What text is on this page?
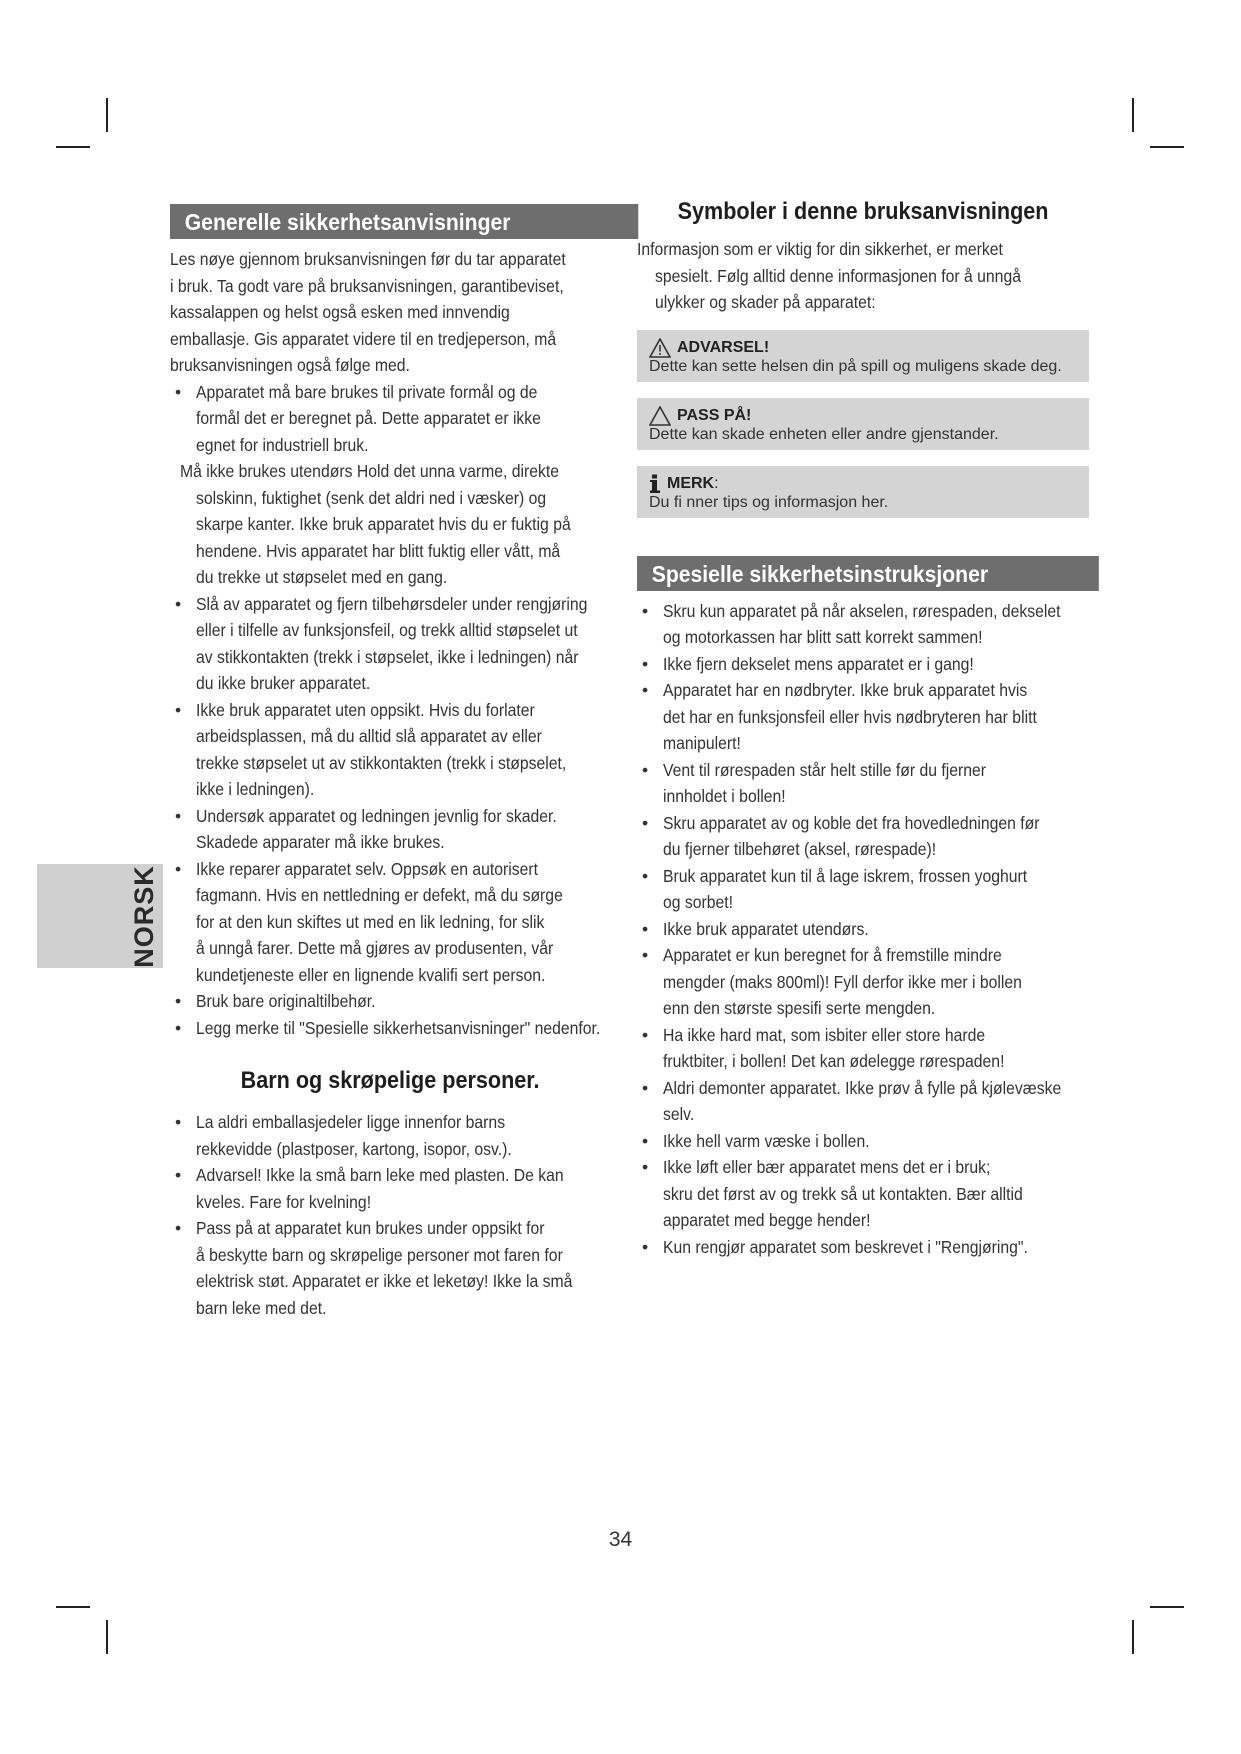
NORSK
Generelle sikkerhetsanvisninger

Les nøye gjennom bruksanvisningen før du tar apparatet

i bruk. Ta godt vare på bruksanvisningen, garantibeviset,

kassalappen og helst også esken med innvendig

emballasje. Gis apparatet videre til en tredjeperson, må

bruksanvisningen også følge med.

• Apparatet må bare brukes til private formål og de
formål det er beregnet på. Dette apparatet er ikke
egnet for industriell bruk.

Må ikke brukes utendørs Hold det unna varme, direkte

solskinn, fuktighet (senk det aldri ned i væsker) og

skarpe kanter. Ikke bruk apparatet hvis du er fuktig på

hendene. Hvis apparatet har blitt fuktig eller vått, må

du trekke ut støpselet med en gang.

• Slå av apparatet og fjern tilbehørsdeler under rengjøring
eller i tilfelle av funksjonsfeil, og trekk alltid støpselet ut
av stikkontakten (trekk i støpselet, ikke i ledningen) når
du ikke bruker apparatet.
• Ikke bruk apparatet uten oppsikt. Hvis du forlater
arbeidsplassen, må du alltid slå apparatet av eller
trekke støpselet ut av stikkontakten (trekk i støpselet,
ikke i ledningen).
• Undersøk apparatet og ledningen jevnlig for skader.
Skadede apparater må ikke brukes.
• Ikke reparer apparatet selv. Oppsøk en autorisert
fagmann. Hvis en nettledning er defekt, må du sørge
for at den kun skiftes ut med en lik ledning, for slik
å unngå farer. Dette må gjøres av produsenten, vår
kundetjeneste eller en lignende kvalifi sert person.
• Bruk bare originaltilbehør.
• Legg merke til "Spesielle sikkerhetsanvisninger" nedenfor.
Barn og skrøpelige personer.
• La aldri emballasjedeler ligge innenfor barns
rekkevidde (plastposer, kartong, isopor, osv.).
• Advarsel! Ikke la små barn leke med plasten. De kan
kveles. Fare for kvelning!
• Pass på at apparatet kun brukes under oppsikt for
å beskytte barn og skrøpelige personer mot faren for
elektrisk støt. Apparatet er ikke et leketøy! Ikke la små
barn leke med det.
Symboler i denne bruksanvisningen

Informasjon som er viktig for din sikkerhet, er merket

spesielt. Følg alltid denne informasjonen for å unngå

ulykker og skader på apparatet:

ADVARSEL!
Dette kan sette helsen din på spill og muligens skade deg.
PASS PÅ!
Dette kan skade enheten eller andre gjenstander.
MERK:
Du fi nner tips og informasjon her.
Spesielle sikkerhetsinstruksjoner
• Skru kun apparatet på når akselen, rørespaden, dekselet
og motorkassen har blitt satt korrekt sammen!
• Ikke fjern dekselet mens apparatet er i gang!
• Apparatet har en nødbryter. Ikke bruk apparatet hvis
det har en funksjonsfeil eller hvis nødbryteren har blitt
manipulert!
• Vent til rørespaden står helt stille før du fjerner
innholdet i bollen!
• Skru apparatet av og koble det fra hovedledningen før
du fjerner tilbehøret (aksel, rørespade)!
• Bruk apparatet kun til å lage iskrem, frossen yoghurt
og sorbet!
• Ikke bruk apparatet utendørs.
• Apparatet er kun beregnet for å fremstille mindre
mengder (maks 800ml)! Fyll derfor ikke mer i bollen
enn den største spesifi serte mengden.
• Ha ikke hard mat, som isbiter eller store harde
fruktbiter, i bollen! Det kan ødelegge rørespaden!
• Aldri demonter apparatet. Ikke prøv å fylle på kjølevæske
selv.
• Ikke hell varm væske i bollen.
• Ikke løft eller bær apparatet mens det er i bruk;
skru det først av og trekk så ut kontakten. Bær alltid
apparatet med begge hender!
• Kun rengjør apparatet som beskrevet i "Rengjøring".
34
